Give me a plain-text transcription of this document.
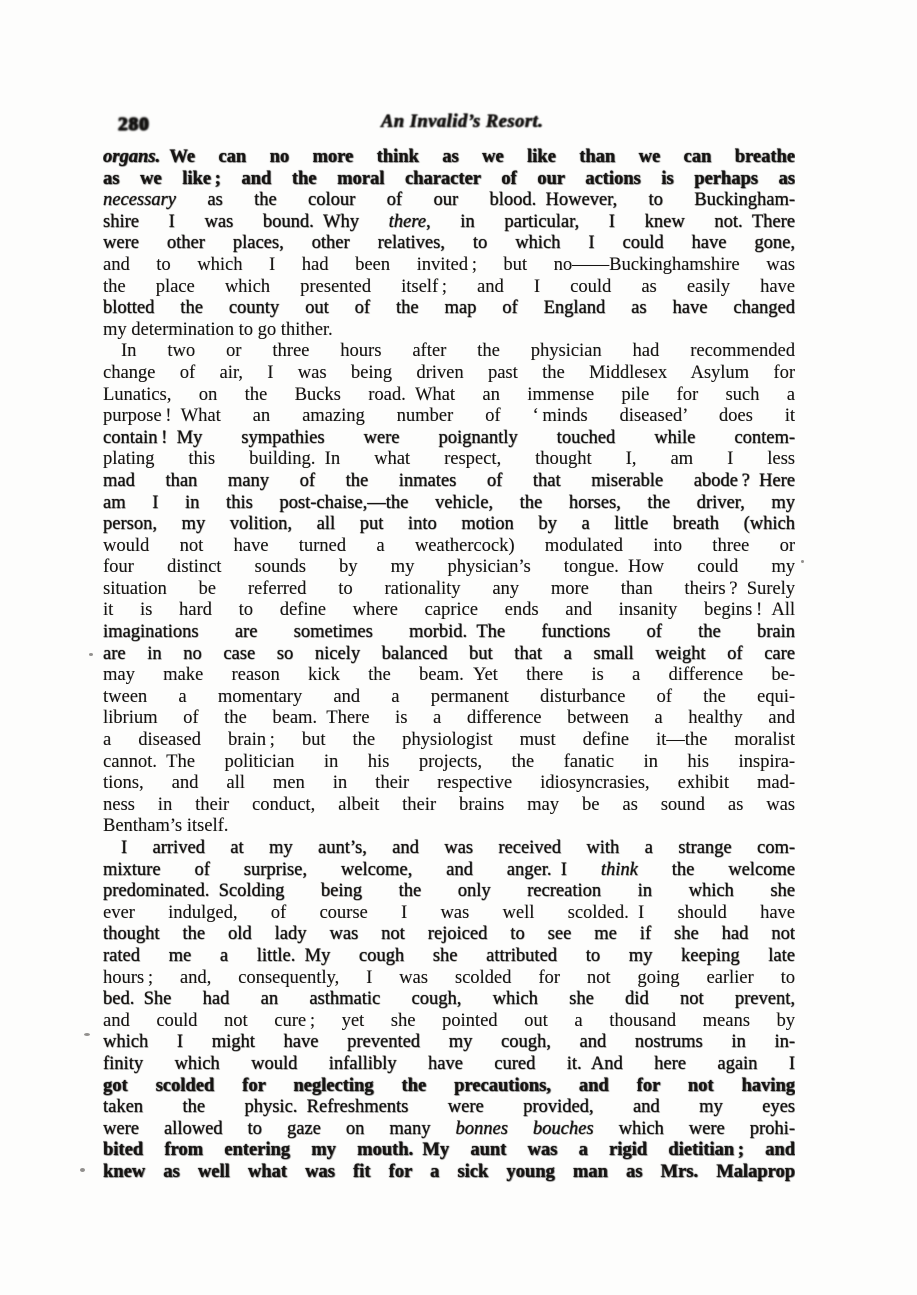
280	An Invalid’s Resort.
organs. We can no more think as we like than we can breathe
as we like ; and the moral character of our actions is perhaps as
necessary as the colour of our blood. However, to Buckingham-
shire I was bound. Why there, in particular, I knew not. There
were other places, other relatives, to which I could have gone,
and to which I had been invited ; but no——Buckinghamshire was
the place which presented itself ; and I could as easily have
blotted the county out of the map of England as have changed
my determination to go thither.
In two or three hours after the physician had recommended
change of air, I was being driven past the Middlesex Asylum for
Lunatics, on the Bucks road. What an immense pile for such a
purpose ! What an amazing number of ‘ minds diseased’ does it
contain ! My sympathies were poignantly touched while contem-
plating this building. In what respect, thought I, am I less
mad than many of the inmates of that miserable abode ? Here
am I in this post-chaise,—the vehicle, the horses, the driver, my
person, my volition, all put into motion by a little breath (which
would not have turned a weathercock) modulated into three or
four distinct sounds by my physician’s tongue. How could my
situation be referred to rationality any more than theirs ? Surely
it is hard to define where caprice ends and insanity begins ! All
imaginations are sometimes morbid. The functions of the brain
are in no case so nicely balanced but that a small weight of care
may make reason kick the beam. Yet there is a difference be-
tween a momentary and a permanent disturbance of the equi-
librium of the beam. There is a difference between a healthy and
a diseased brain ; but the physiologist must define it—the moralist
cannot. The politician in his projects, the fanatic in his inspira-
tions, and all men in their respective idiosyncrasies, exhibit mad-
ness in their conduct, albeit their brains may be as sound as was
Bentham’s itself.
I arrived at my aunt’s, and was received with a strange com-
mixture of surprise, welcome, and anger. I think the welcome
predominated. Scolding being the only recreation in which she
ever indulged, of course I was well scolded. I should have
thought the old lady was not rejoiced to see me if she had not
rated me a little. My cough she attributed to my keeping late
hours ; and, consequently, I was scolded for not going earlier to
bed. She had an asthmatic cough, which she did not prevent,
and could not cure ; yet she pointed out a thousand means by
which I might have prevented my cough, and nostrums in in-
finity which would infallibly have cured it. And here again I
got scolded for neglecting the precautions, and for not having
taken the physic. Refreshments were provided, and my eyes
were allowed to gaze on many bonnes bouches which were prohi-
bited from entering my mouth. My aunt was a rigid dietitian ; and
knew as well what was fit for a sick young man as Mrs. Malaprop
